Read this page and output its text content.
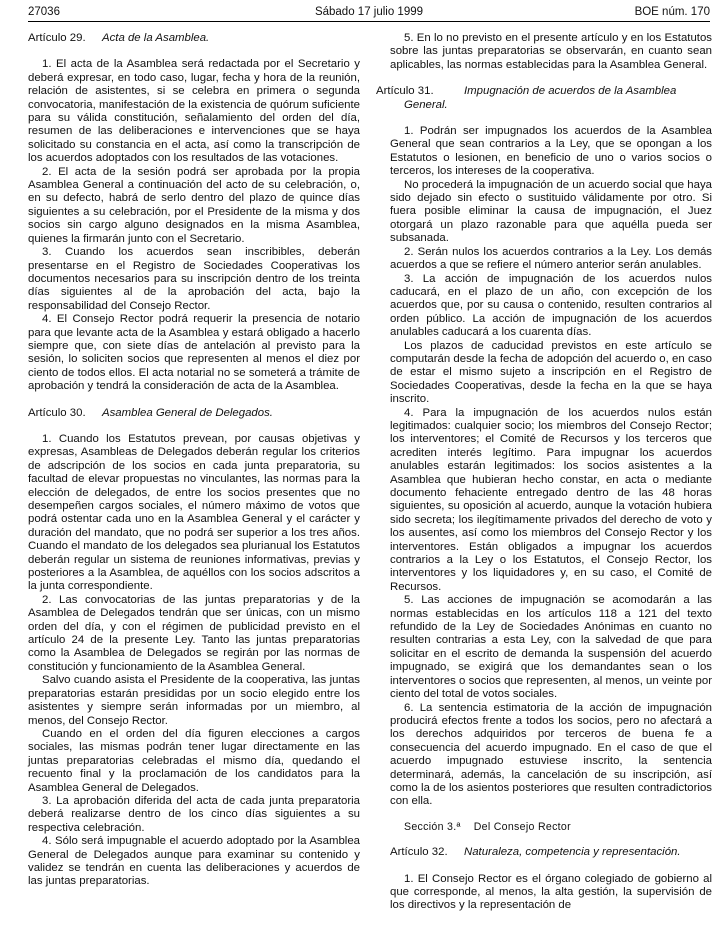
27036	Sábado 17 julio 1999	BOE núm. 170

Artículo 29. Acta de la Asamblea.

1. El acta de la Asamblea será redactada por el Secretario y deberá expresar, en todo caso, lugar, fecha y hora de la reunión, relación de asistentes, si se celebra en primera o segunda convocatoria, manifestación de la existencia de quórum suficiente para su válida constitución, señalamiento del orden del día, resumen de las deliberaciones e intervenciones que se haya solicitado su constancia en el acta, así como la transcripción de los acuerdos adoptados con los resultados de las votaciones.

2. El acta de la sesión podrá ser aprobada por la propia Asamblea General a continuación del acto de su celebración, o, en su defecto, habrá de serlo dentro del plazo de quince días siguientes a su celebración, por el Presidente de la misma y dos socios sin cargo alguno designados en la misma Asamblea, quienes la firmarán junto con el Secretario.

3. Cuando los acuerdos sean inscribibles, deberán presentarse en el Registro de Sociedades Cooperativas los documentos necesarios para su inscripción dentro de los treinta días siguientes al de la aprobación del acta, bajo la responsabilidad del Consejo Rector.

4. El Consejo Rector podrá requerir la presencia de notario para que levante acta de la Asamblea y estará obligado a hacerlo siempre que, con siete días de antelación al previsto para la sesión, lo soliciten socios que representen al menos el diez por ciento de todos ellos. El acta notarial no se someterá a trámite de aprobación y tendrá la consideración de acta de la Asamblea.

Artículo 30. Asamblea General de Delegados.

1. Cuando los Estatutos prevean, por causas objetivas y expresas, Asambleas de Delegados deberán regular los criterios de adscripción de los socios en cada junta preparatoria, su facultad de elevar propuestas no vinculantes, las normas para la elección de delegados, de entre los socios presentes que no desempeñen cargos sociales, el número máximo de votos que podrá ostentar cada uno en la Asamblea General y el carácter y duración del mandato, que no podrá ser superior a los tres años. Cuando el mandato de los delegados sea plurianual los Estatutos deberán regular un sistema de reuniones informativas, previas y posteriores a la Asamblea, de aquéllos con los socios adscritos a la junta correspondiente.

2. Las convocatorias de las juntas preparatorias y de la Asamblea de Delegados tendrán que ser únicas, con un mismo orden del día, y con el régimen de publicidad previsto en el artículo 24 de la presente Ley. Tanto las juntas preparatorias como la Asamblea de Delegados se regirán por las normas de constitución y funcionamiento de la Asamblea General.

Salvo cuando asista el Presidente de la cooperativa, las juntas preparatorias estarán presididas por un socio elegido entre los asistentes y siempre serán informadas por un miembro, al menos, del Consejo Rector.

Cuando en el orden del día figuren elecciones a cargos sociales, las mismas podrán tener lugar directamente en las juntas preparatorias celebradas el mismo día, quedando el recuento final y la proclamación de los candidatos para la Asamblea General de Delegados.

3. La aprobación diferida del acta de cada junta preparatoria deberá realizarse dentro de los cinco días siguientes a su respectiva celebración.

4. Sólo será impugnable el acuerdo adoptado por la Asamblea General de Delegados aunque para examinar su contenido y validez se tendrán en cuenta las deliberaciones y acuerdos de las juntas preparatorias.

5. En lo no previsto en el presente artículo y en los Estatutos sobre las juntas preparatorias se observarán, en cuanto sean aplicables, las normas establecidas para la Asamblea General.

Artículo 31.	Impugnación de acuerdos de la Asamblea General.

1. Podrán ser impugnados los acuerdos de la Asamblea General que sean contrarios a la Ley, que se opongan a los Estatutos o lesionen, en beneficio de uno o varios socios o terceros, los intereses de la cooperativa.

No procederá la impugnación de un acuerdo social que haya sido dejado sin efecto o sustituido válidamente por otro. Si fuera posible eliminar la causa de impugnación, el Juez otorgará un plazo razonable para que aquélla pueda ser subsanada.

2. Serán nulos los acuerdos contrarios a la Ley. Los demás acuerdos a que se refiere el número anterior serán anulables.

3. La acción de impugnación de los acuerdos nulos caducará, en el plazo de un año, con excepción de los acuerdos que, por su causa o contenido, resulten contrarios al orden público. La acción de impugnación de los acuerdos anulables caducará a los cuarenta días.

Los plazos de caducidad previstos en este artículo se computarán desde la fecha de adopción del acuerdo o, en caso de estar el mismo sujeto a inscripción en el Registro de Sociedades Cooperativas, desde la fecha en la que se haya inscrito.

4. Para la impugnación de los acuerdos nulos están legitimados: cualquier socio; los miembros del Consejo Rector; los interventores; el Comité de Recursos y los terceros que acrediten interés legítimo. Para impugnar los acuerdos anulables estarán legitimados: los socios asistentes a la Asamblea que hubieran hecho constar, en acta o mediante documento fehaciente entregado dentro de las 48 horas siguientes, su oposición al acuerdo, aunque la votación hubiera sido secreta; los ilegítimamente privados del derecho de voto y los ausentes, así como los miembros del Consejo Rector y los interventores. Están obligados a impugnar los acuerdos contrarios a la Ley o los Estatutos, el Consejo Rector, los interventores y los liquidadores y, en su caso, el Comité de Recursos.

5. Las acciones de impugnación se acomodarán a las normas establecidas en los artículos 118 a 121 del texto refundido de la Ley de Sociedades Anónimas en cuanto no resulten contrarias a esta Ley, con la salvedad de que para solicitar en el escrito de demanda la suspensión del acuerdo impugnado, se exigirá que los demandantes sean o los interventores o socios que representen, al menos, un veinte por ciento del total de votos sociales.

6. La sentencia estimatoria de la acción de impugnación producirá efectos frente a todos los socios, pero no afectará a los derechos adquiridos por terceros de buena fe a consecuencia del acuerdo impugnado. En el caso de que el acuerdo impugnado estuviese inscrito, la sentencia determinará, además, la cancelación de su inscripción, así como la de los asientos posteriores que resulten contradictorios con ella.

Sección 3.ª Del Consejo Rector

Artículo 32. Naturaleza, competencia y representación.

1. El Consejo Rector es el órgano colegiado de gobierno al que corresponde, al menos, la alta gestión, la supervisión de los directivos y la representación de
